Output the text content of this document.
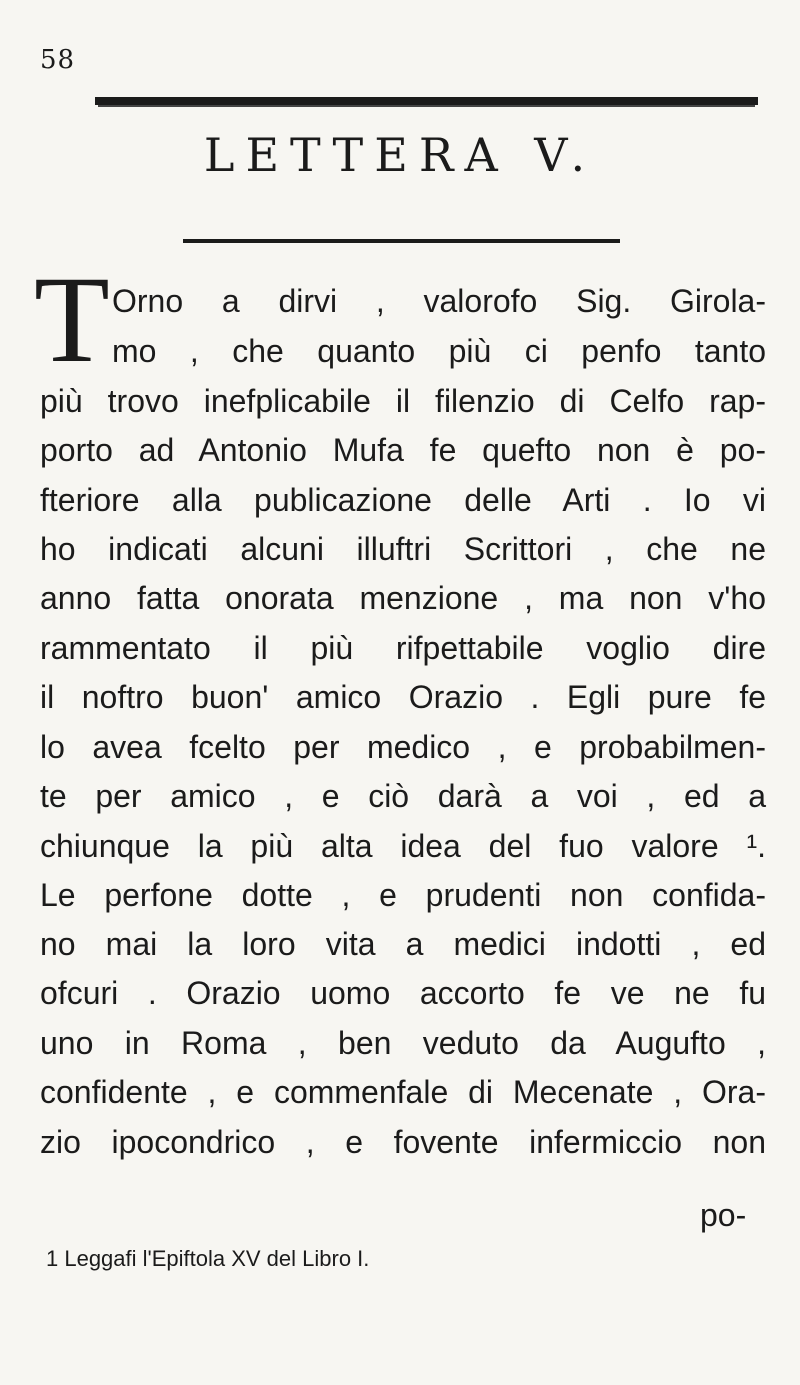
58
LETTERA V.
T Orno a dirvi , valorofo Sig. Girola-
mo , che quanto più ci penfo tanto
più trovo inefplicabile il filenzio di Celfo rap-
porto ad Antonio Mufa fe quefto non è po-
fteriore alla publicazione delle Arti . Io vi
ho indicati alcuni illuftri Scrittori , che ne
anno fatta onorata menzione , ma non v'ho
rammentato il più rifpettabile voglio dire
il noftro buon' amico Orazio . Egli pure fe
lo avea fcelto per medico , e probabilmen-
te per amico , e ciò darà a voi , ed a
chiunque la più alta idea del fuo valore ¹.
Le perfone dotte , e prudenti non confida-
no mai la loro vita a medici indotti , ed
ofcuri . Orazio uomo accorto fe ve ne fu
uno in Roma , ben veduto da Augufto ,
confidente , e commenfale di Mecenate , Ora-
zio ipocondrico , e fovente infermiccio non
po-
1 Leggafi l'Epiftola XV del Libro I.
